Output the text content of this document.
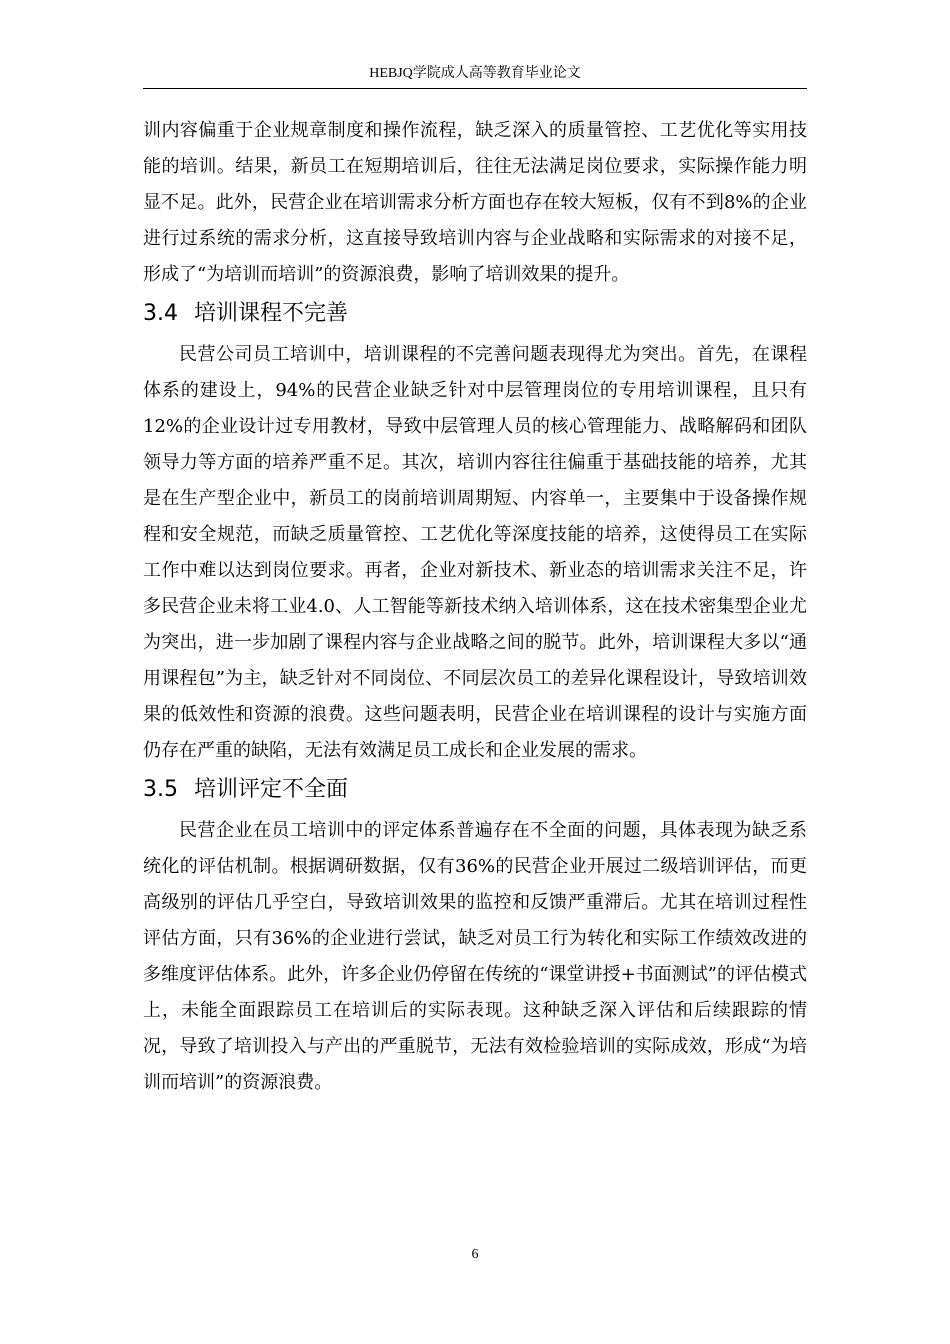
HEBJQ学院成人高等教育毕业论文

训内容偏重于企业规章制度和操作流程，缺乏深入的质量管控、工艺优化等实用技能的培训。结果，新员工在短期培训后，往往无法满足岗位要求，实际操作能力明显不足。此外，民营企业在培训需求分析方面也存在较大短板，仅有不到8%的企业进行过系统的需求分析，这直接导致培训内容与企业战略和实际需求的对接不足，形成了“为培训而培训”的资源浪费，影响了培训效果的提升。

3.4 培训课程不完善

民营公司员工培训中，培训课程的不完善问题表现得尤为突出。首先，在课程体系的建设上，94%的民营企业缺乏针对中层管理岗位的专用培训课程，且只有12%的企业设计过专用教材，导致中层管理人员的核心管理能力、战略解码和团队领导力等方面的培养严重不足。其次，培训内容往往偏重于基础技能的培养，尤其是在生产型企业中，新员工的岗前培训周期短、内容单一，主要集中于设备操作规程和安全规范，而缺乏质量管控、工艺优化等深度技能的培养，这使得员工在实际工作中难以达到岗位要求。再者，企业对新技术、新业态的培训需求关注不足，许多民营企业未将工业4.0、人工智能等新技术纳入培训体系，这在技术密集型企业尤为突出，进一步加剧了课程内容与企业战略之间的脱节。此外，培训课程大多以“通用课程包”为主，缺乏针对不同岗位、不同层次员工的差异化课程设计，导致培训效果的低效性和资源的浪费。这些问题表明，民营企业在培训课程的设计与实施方面仍存在严重的缺陷，无法有效满足员工成长和企业发展的需求。

3.5 培训评定不全面

民营企业在员工培训中的评定体系普遍存在不全面的问题，具体表现为缺乏系统化的评估机制。根据调研数据，仅有36%的民营企业开展过二级培训评估，而更高级别的评估几乎空白，导致培训效果的监控和反馈严重滞后。尤其在培训过程性评估方面，只有36%的企业进行尝试，缺乏对员工行为转化和实际工作绩效改进的多维度评估体系。此外，许多企业仍停留在传统的“课堂讲授+书面测试”的评估模式上，未能全面跟踪员工在培训后的实际表现。这种缺乏深入评估和后续跟踪的情况，导致了培训投入与产出的严重脱节，无法有效检验培训的实际成效，形成“为培训而培训”的资源浪费。

6
